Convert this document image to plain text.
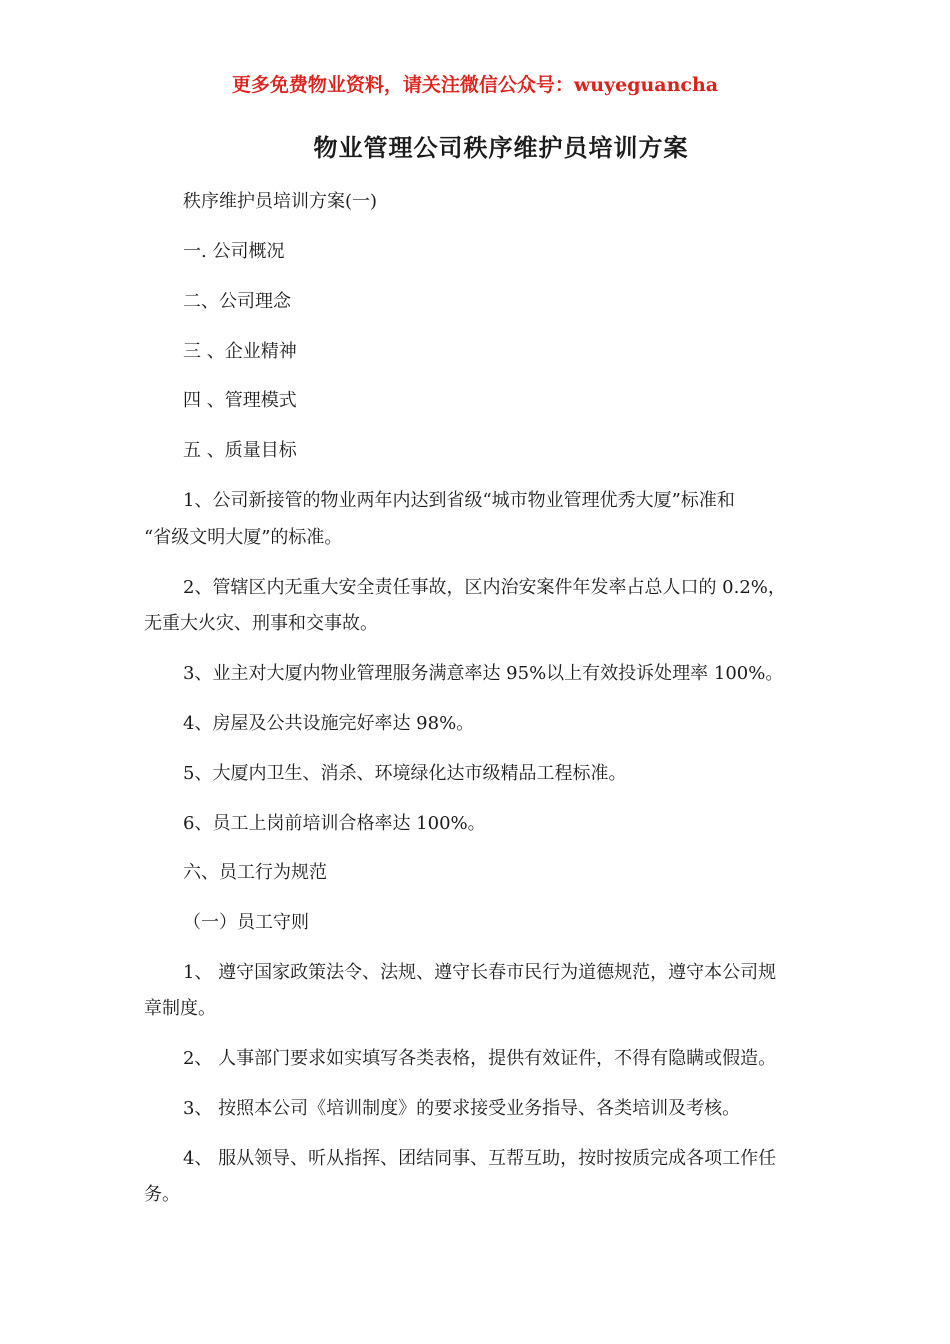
更多免费物业资料，请关注微信公众号：wuyeguancha
物业管理公司秩序维护员培训方案
秩序维护员培训方案(一)
一. 公司概况
二、公司理念
三 、企业精神
四 、管理模式
五 、质量目标
1、公司新接管的物业两年内达到省级“城市物业管理优秀大厦”标准和
“省级文明大厦”的标准。
2、管辖区内无重大安全责任事故，区内治安案件年发率占总人口的 0.2%，
无重大火灾、刑事和交事故。
3、业主对大厦内物业管理服务满意率达 95%以上有效投诉处理率 100%。
4、房屋及公共设施完好率达 98%。
5、大厦内卫生、消杀、环境绿化达市级精品工程标准。
6、员工上岗前培训合格率达 100%。
六、员工行为规范
（一）员工守则
1、 遵守国家政策法令、法规、遵守长春市民行为道德规范，遵守本公司规
章制度。
2、 人事部门要求如实填写各类表格，提供有效证件，不得有隐瞒或假造。
3、 按照本公司《培训制度》的要求接受业务指导、各类培训及考核。
4、 服从领导、听从指挥、团结同事、互帮互助，按时按质完成各项工作任
务。
